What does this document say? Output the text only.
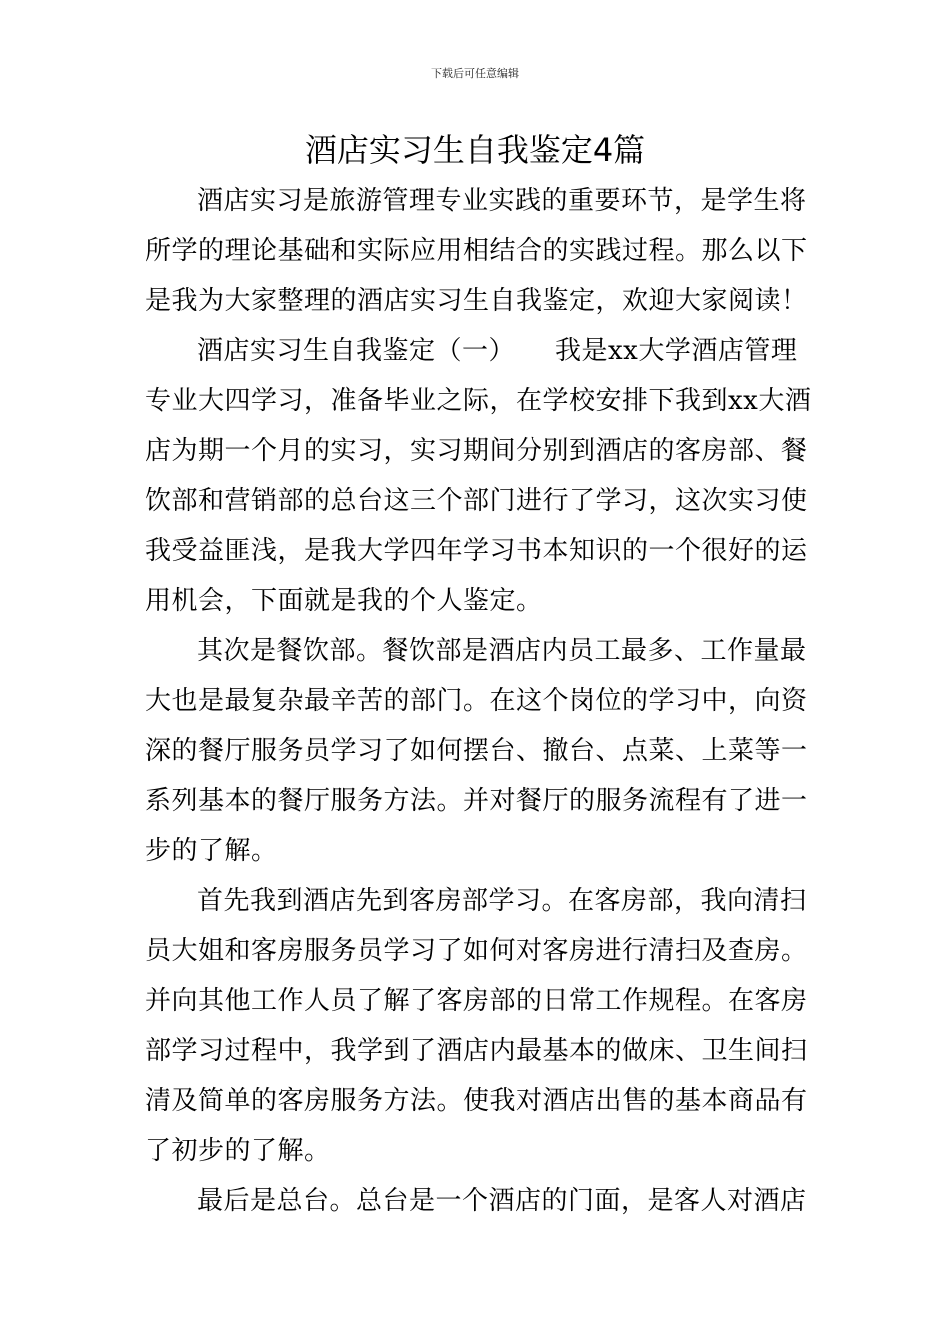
下载后可任意编辑
酒店实习生自我鉴定4篇

酒店实习是旅游管理专业实践的重要环节，是学生将
所学的理论基础和实际应用相结合的实践过程。那么以下
是我为大家整理的酒店实习生自我鉴定，欢迎大家阅读！

酒店实习生自我鉴定（一）　　我是xx大学酒店管理
专业大四学习，准备毕业之际，在学校安排下我到xx大酒
店为期一个月的实习，实习期间分别到酒店的客房部、餐
饮部和营销部的总台这三个部门进行了学习，这次实习使
我受益匪浅，是我大学四年学习书本知识的一个很好的运
用机会，下面就是我的个人鉴定。

其次是餐饮部。餐饮部是酒店内员工最多、工作量最
大也是最复杂最辛苦的部门。在这个岗位的学习中，向资
深的餐厅服务员学习了如何摆台、撤台、点菜、上菜等一
系列基本的餐厅服务方法。并对餐厅的服务流程有了进一
步的了解。

首先我到酒店先到客房部学习。在客房部，我向清扫
员大姐和客房服务员学习了如何对客房进行清扫及查房。
并向其他工作人员了解了客房部的日常工作规程。在客房
部学习过程中，我学到了酒店内最基本的做床、卫生间扫
清及简单的客房服务方法。使我对酒店出售的基本商品有
了初步的了解。

最后是总台。总台是一个酒店的门面，是客人对酒店
